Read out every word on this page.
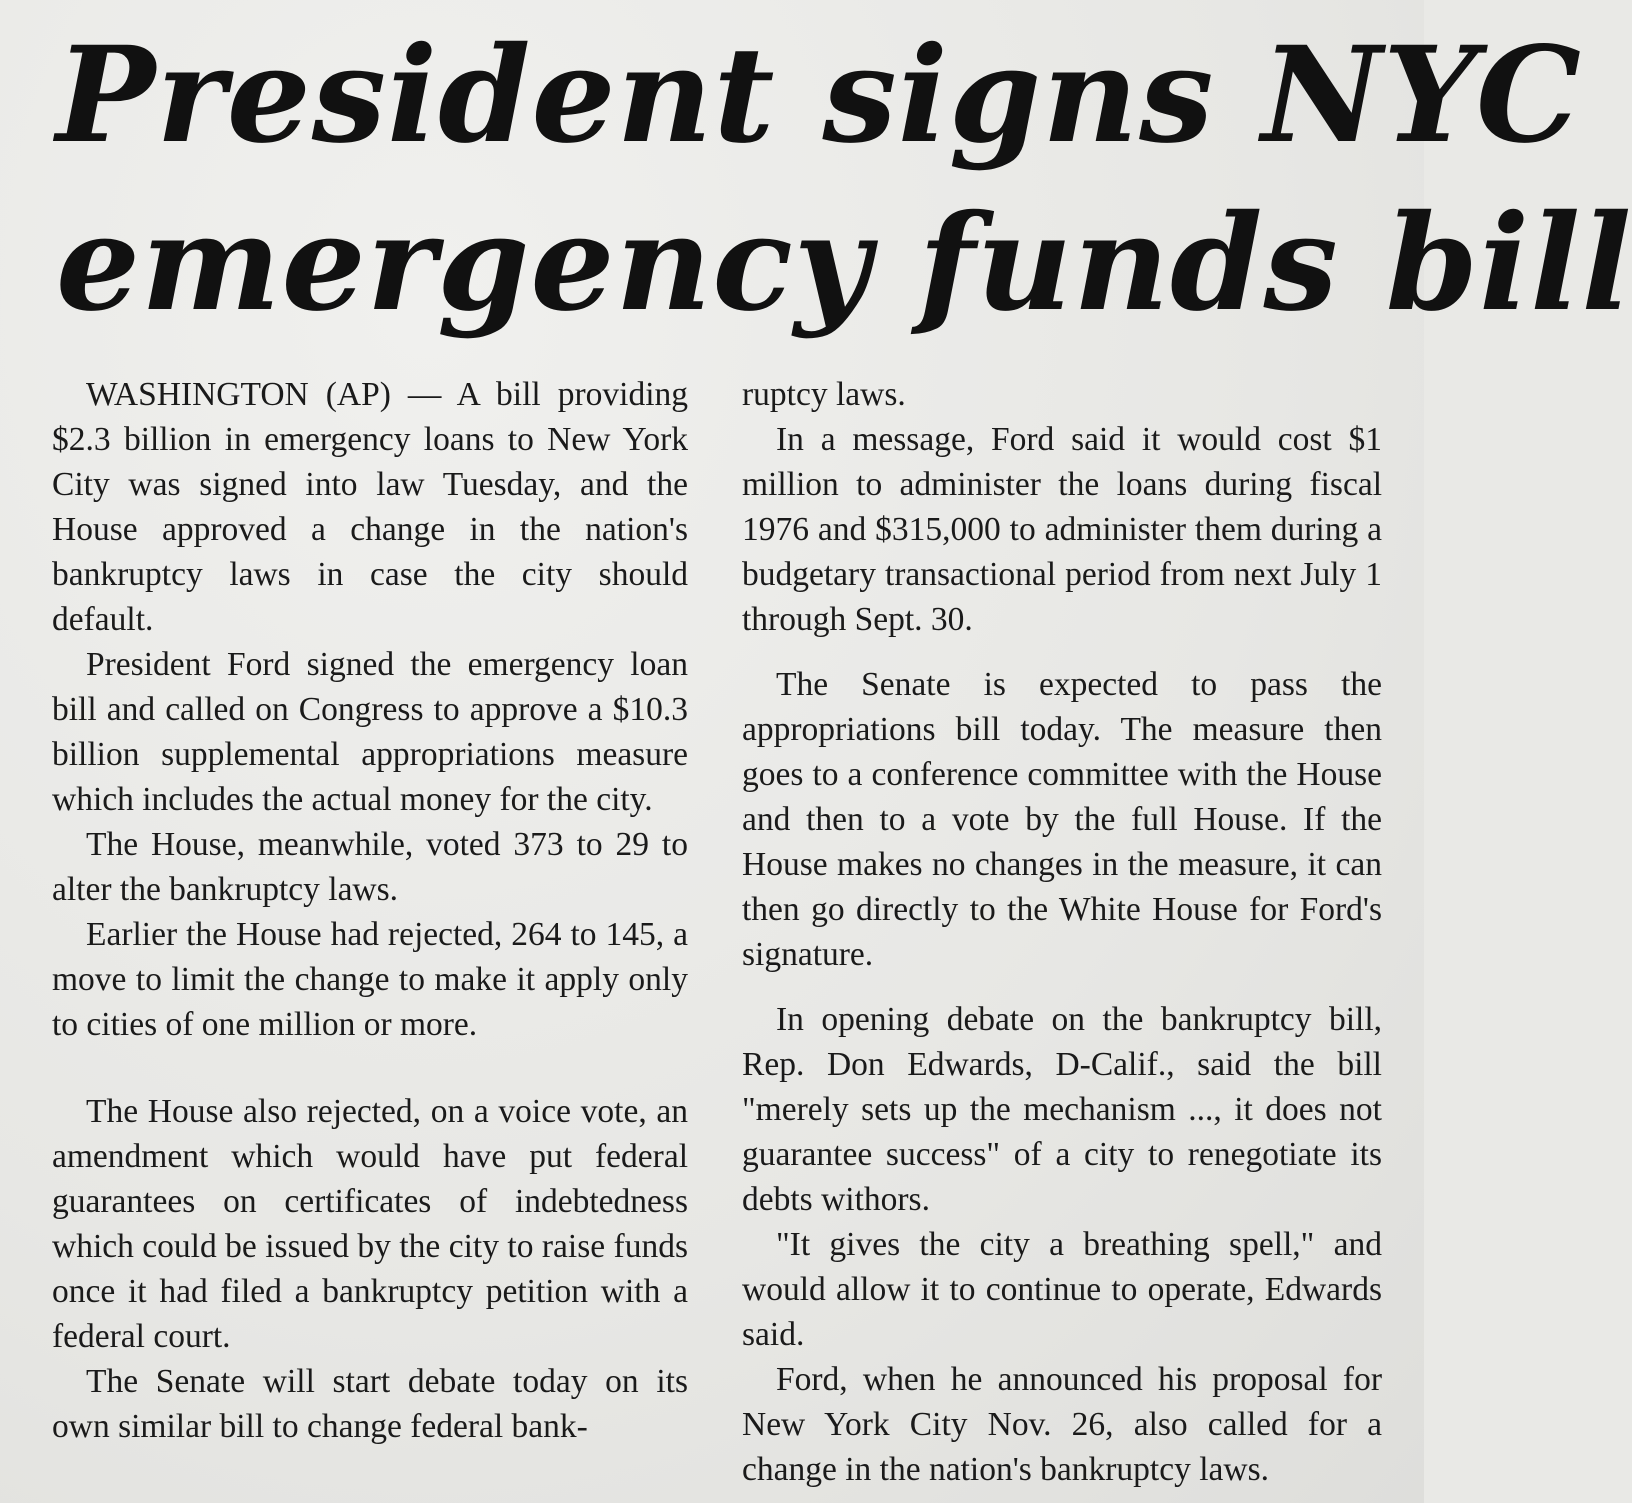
President signs NYC
emergency funds bill

WASHINGTON (AP) — A bill providing $2.3 billion in emergency loans to New York City was signed into law Tuesday, and the House approved a change in the nation's bankruptcy laws in case the city should default.

President Ford signed the emergency loan bill and called on Congress to approve a $10.3 billion supplemental appropriations measure which includes the actual money for the city.

The House, meanwhile, voted 373 to 29 to alter the bankruptcy laws.

Earlier the House had rejected, 264 to 145, a move to limit the change to make it apply only to cities of one million or more.

The House also rejected, on a voice vote, an amendment which would have put federal guarantees on certificates of indebtedness which could be issued by the city to raise funds once it had filed a bankruptcy petition with a federal court.

The Senate will start debate today on its own similar bill to change federal bank-

ruptcy laws.

In a message, Ford said it would cost $1 million to administer the loans during fiscal 1976 and $315,000 to administer them during a budgetary transactional period from next July 1 through Sept. 30.

The Senate is expected to pass the appropriations bill today. The measure then goes to a conference committee with the House and then to a vote by the full House. If the House makes no changes in the measure, it can then go directly to the White House for Ford's signature.

In opening debate on the bankruptcy bill, Rep. Don Edwards, D-Calif., said the bill "merely sets up the mechanism ..., it does not guarantee success" of a city to renegotiate its debts withors.

"It gives the city a breathing spell," and would allow it to continue to operate, Edwards said.

Ford, when he announced his proposal for New York City Nov. 26, also called for a change in the nation's bankruptcy laws.
